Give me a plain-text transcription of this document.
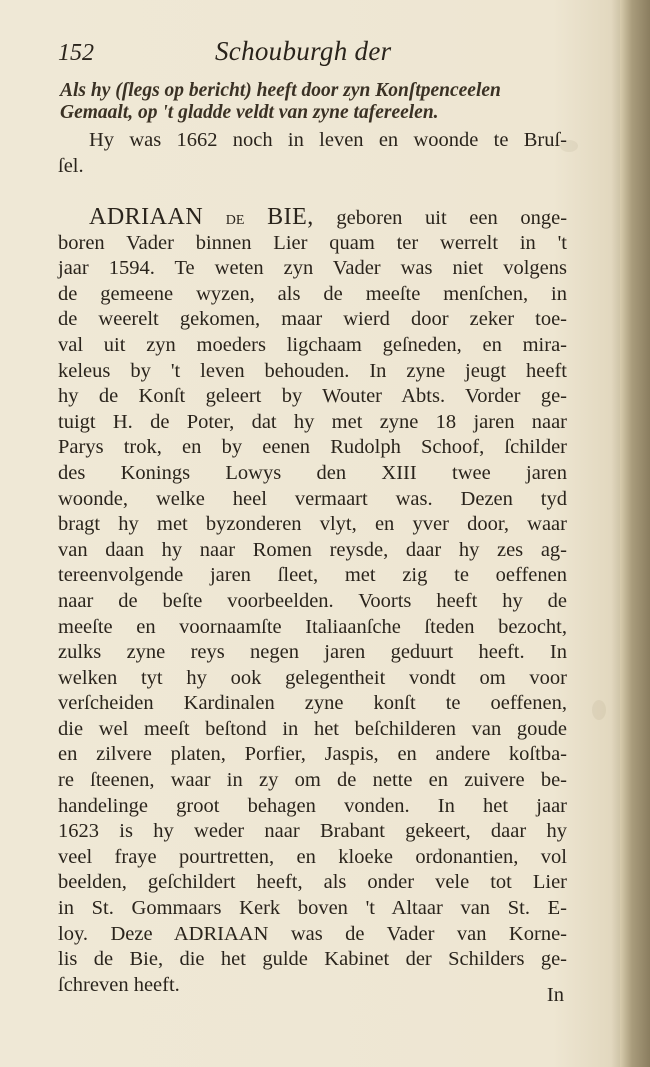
152	Schouburgh der
Als hy (ſlegs op bericht) heeft door zyn Konſtpenceelen
Gemaalt, op 't gladde veldt van zyne tafereelen.
Hy was 1662 noch in leven en woonde te Bruſ-
ſel.
ADRIAAN de BIE, geboren uit een onge-
boren Vader binnen Lier quam ter werrelt in 't
jaar 1594. Te weten zyn Vader was niet volgens
de gemeene wyzen, als de meeſte menſchen, in
de weerelt gekomen, maar wierd door zeker toe-
val uit zyn moeders ligchaam geſneden, en mira-
keleus by 't leven behouden. In zyne jeugt heeft
hy de Konſt geleert by Wouter Abts. Vorder ge-
tuigt H. de Poter, dat hy met zyne 18 jaren naar
Parys trok, en by eenen Rudolph Schoof, ſchilder
des Konings Lowys den XIII twee jaren
woonde, welke heel vermaart was. Dezen tyd
bragt hy met byzonderen vlyt, en yver door, waar
van daan hy naar Romen reysde, daar hy zes ag-
tereenvolgende jaren ſleet, met zig te oeffenen
naar de beſte voorbeelden. Voorts heeft hy de
meeſte en voornaamſte Italiaanſche ſteden bezocht,
zulks zyne reys negen jaren geduurt heeft. In
welken tyt hy ook gelegentheit vondt om voor
verſcheiden Kardinalen zyne konſt te oeffenen,
die wel meeſt beſtond in het beſchilderen van goude
en zilvere platen, Porfier, Jaspis, en andere koſtba-
re ſteenen, waar in zy om de nette en zuivere be-
handelinge groot behagen vonden. In het jaar
1623 is hy weder naar Brabant gekeert, daar hy
veel fraye pourtretten, en kloeke ordonantien, vol
beelden, geſchildert heeft, als onder vele tot Lier
in St. Gommaars Kerk boven 't Altaar van St. E-
loy. Deze ADRIAAN was de Vader van Korne-
lis de Bie, die het gulde Kabinet der Schilders ge-
ſchreven heeft.	In
